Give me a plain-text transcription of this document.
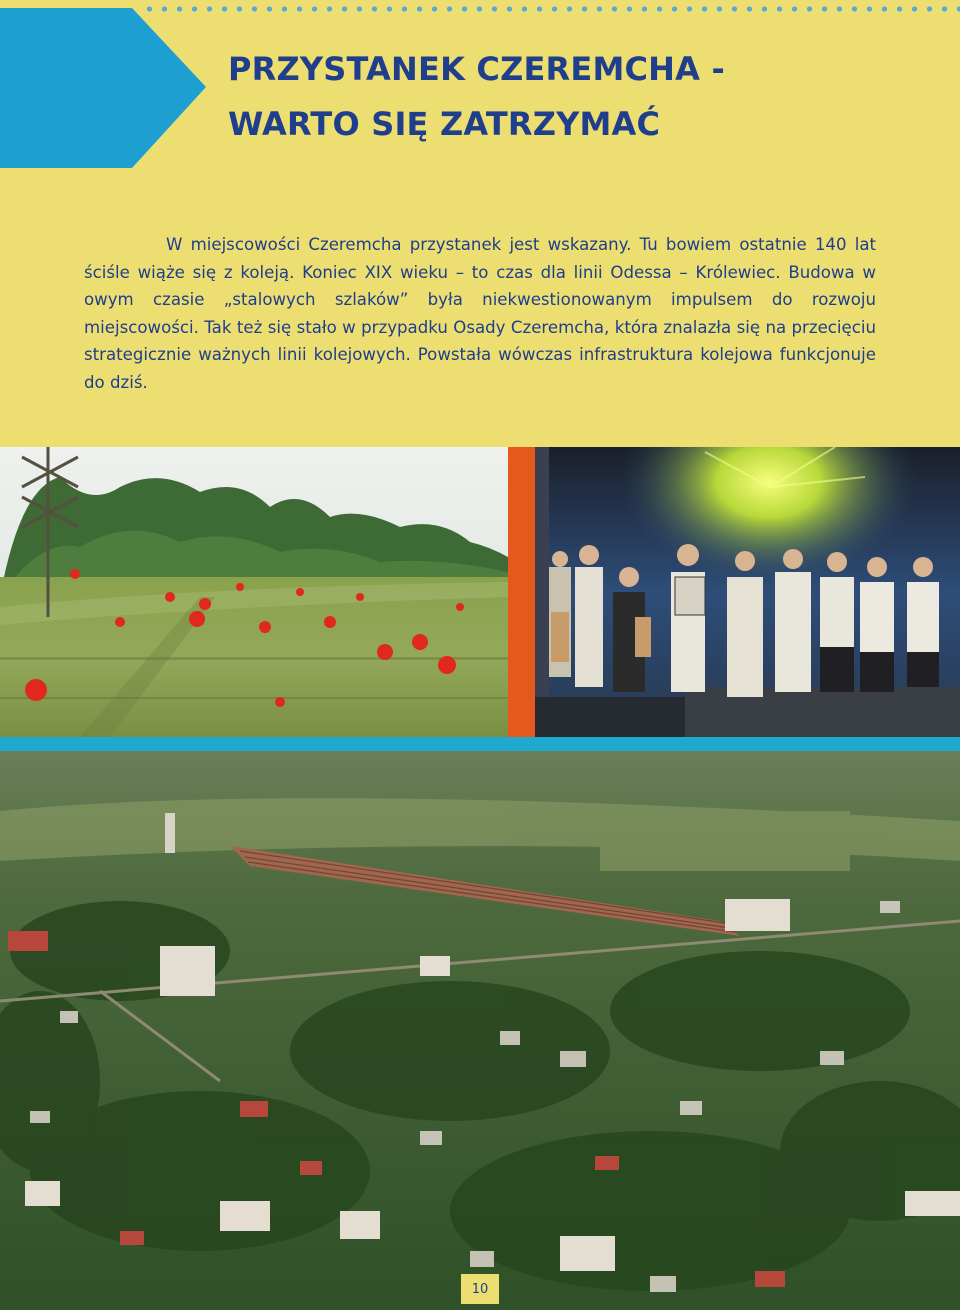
PRZYSTANEK CZEREMCHA -
WARTO SIĘ ZATRZYMAĆ

W miejscowości Czeremcha przystanek jest wskazany. Tu bowiem ostatnie 140 lat ściśle wiąże się z koleją. Koniec XIX wieku – to czas dla linii Odessa – Królewiec. Budowa w owym czasie „stalowych szlaków” była niekwestionowanym impulsem do rozwoju miejscowości. Tak też się stało w przypadku Osady Czeremcha, która znalazła się na przecięciu strategicznie ważnych linii kolejowych. Powstała wówczas infrastruktura kolejowa funkcjonuje do dziś.

10
